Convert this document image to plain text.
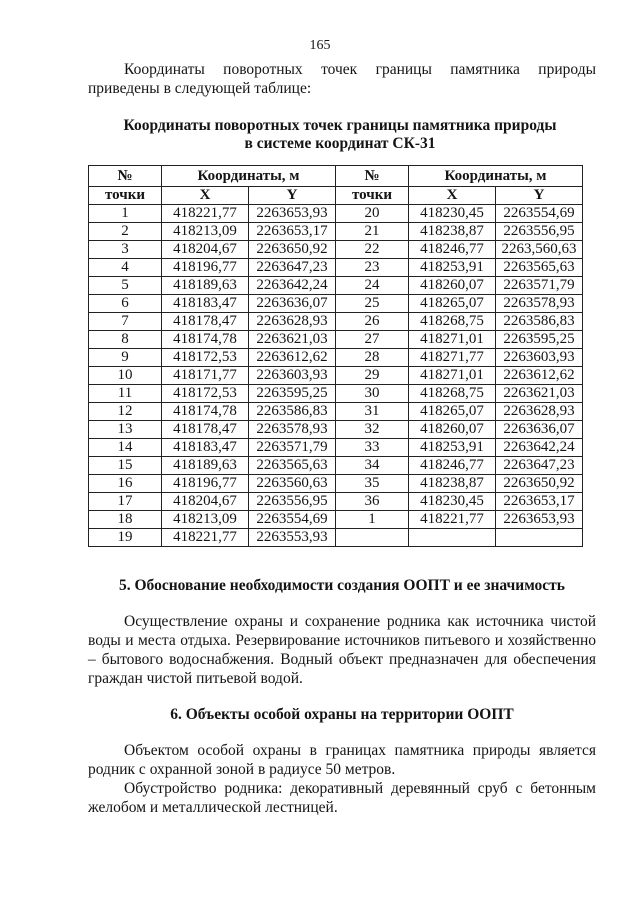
165

Координаты поворотных точек границы памятника природы приведены в следующей таблице:

Координаты поворотных точек границы памятника природы
в системе координат СК-31
№	Координаты, м		№	Координаты, м	
точки	X	Y	точки	X	Y
1	418221,77	2263653,93	20	418230,45	2263554,69
2	418213,09	2263653,17	21	418238,87	2263556,95
3	418204,67	2263650,92	22	418246,77	2263,560,63
4	418196,77	2263647,23	23	418253,91	2263565,63
5	418189,63	2263642,24	24	418260,07	2263571,79
6	418183,47	2263636,07	25	418265,07	2263578,93
7	418178,47	2263628,93	26	418268,75	2263586,83
8	418174,78	2263621,03	27	418271,01	2263595,25
9	418172,53	2263612,62	28	418271,77	2263603,93
10	418171,77	2263603,93	29	418271,01	2263612,62
11	418172,53	2263595,25	30	418268,75	2263621,03
12	418174,78	2263586,83	31	418265,07	2263628,93
13	418178,47	2263578,93	32	418260,07	2263636,07
14	418183,47	2263571,79	33	418253,91	2263642,24
15	418189,63	2263565,63	34	418246,77	2263647,23
16	418196,77	2263560,63	35	418238,87	2263650,92
17	418204,67	2263556,95	36	418230,45	2263653,17
18	418213,09	2263554,69	1	418221,77	2263653,93
19	418221,77	2263553,93			
5. Обоснование необходимости создания ООПТ и ее значимость

Осуществление охраны и сохранение родника как источника чистой воды и места отдыха. Резервирование источников питьевого и хозяйственно – бытового водоснабжения. Водный объект предназначен для обеспечения граждан чистой питьевой водой.

6. Объекты особой охраны на территории ООПТ

Объектом особой охраны в границах памятника природы является родник с охранной зоной в радиусе 50 метров.

Обустройство родника: декоративный деревянный сруб с бетонным желобом и металлической лестницей.
